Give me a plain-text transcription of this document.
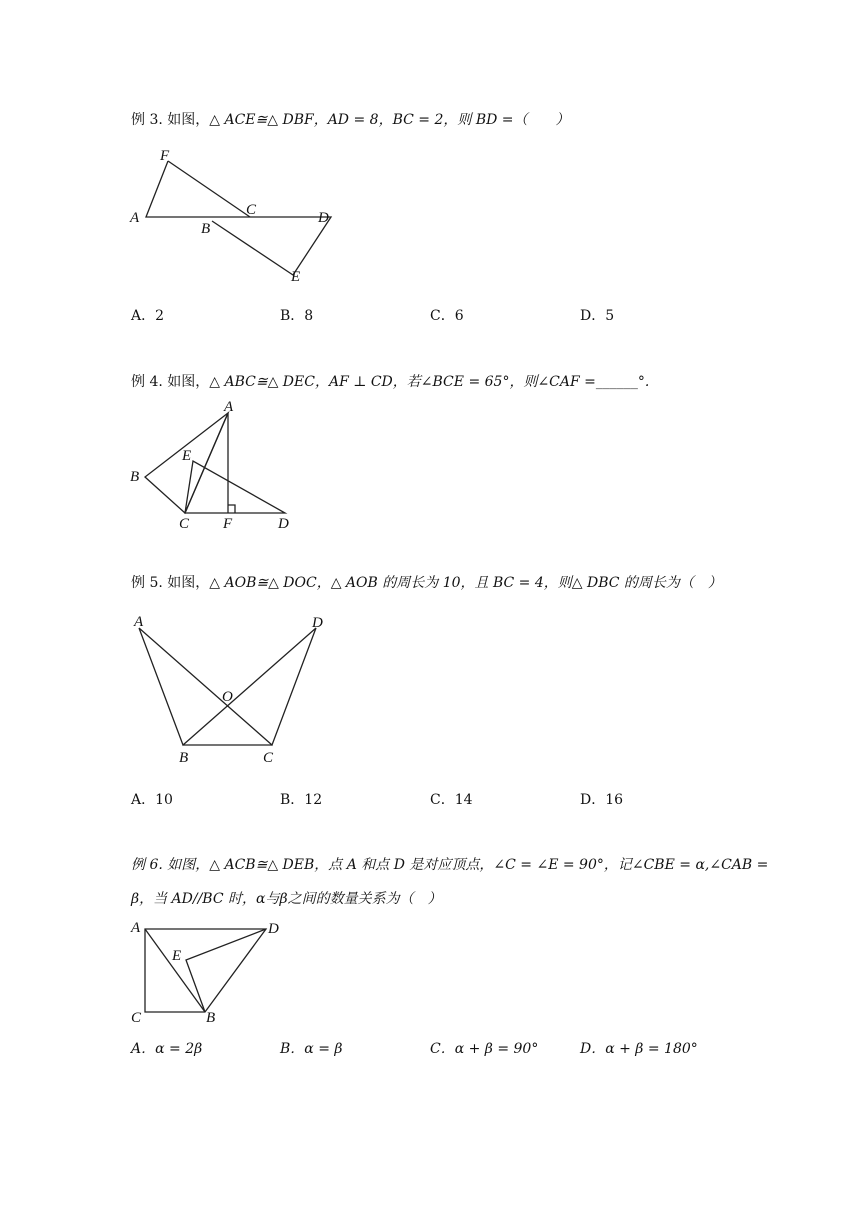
例 3. 如图，△ ACE≅△ DBF，AD = 8，BC = 2，则 BD =（　　）
F
A
B
C	D
E
A．2	B．8	C．6	D．5
例 4. 如图，△ ABC≅△ DEC，AF ⊥ CD，若∠BCE = 65°，则∠CAF =______°.
A
B
C	D
E
F
例 5. 如图，△ AOB≅△ DOC，△ AOB 的周长为 10，且 BC = 4，则△ DBC 的周长为（　）
A	D
O
B	C
A．10	B．12	C．14	D．16
例 6. 如图，△ ACB≅△ DEB，点 A 和点 D 是对应顶点，∠C = ∠E = 90°，记∠CBE = α,∠CAB =
β，当 AD//BC 时，α与β之间的数量关系为（　）
A	D
E
C	B
A．α = 2β	B．α = β	C．α + β = 90°	D．α + β = 180°
